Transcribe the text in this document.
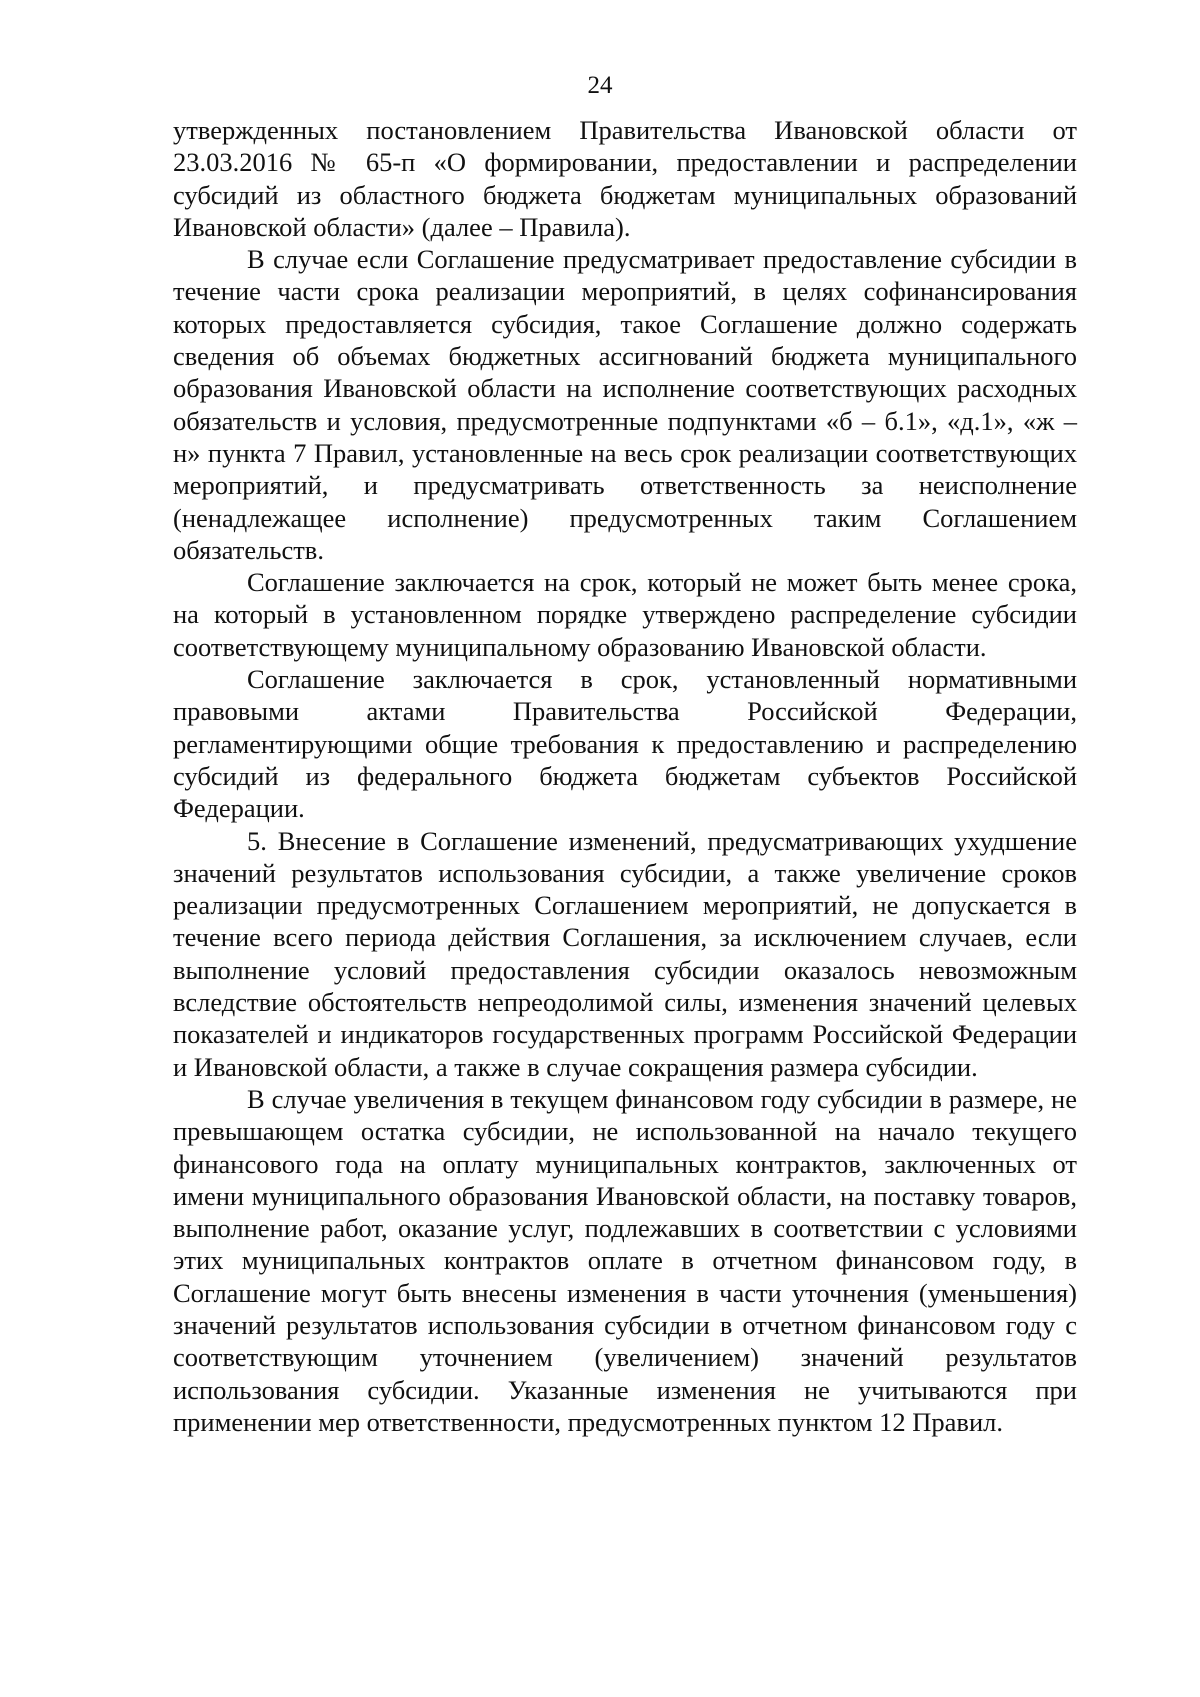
24

утвержденных постановлением Правительства Ивановской области от 23.03.2016 № 65-п «О формировании, предоставлении и распределении субсидий из областного бюджета бюджетам муниципальных образований Ивановской области» (далее – Правила).

В случае если Соглашение предусматривает предоставление субсидии в течение части срока реализации мероприятий, в целях софинансирования которых предоставляется субсидия, такое Соглашение должно содержать сведения об объемах бюджетных ассигнований бюджета муниципального образования Ивановской области на исполнение соответствующих расходных обязательств и условия, предусмотренные подпунктами «б – б.1», «д.1», «ж – н» пункта 7 Правил, установленные на весь срок реализации соответствующих мероприятий, и предусматривать ответственность за неисполнение (ненадлежащее исполнение) предусмотренных таким Соглашением обязательств.

Соглашение заключается на срок, который не может быть менее срока, на который в установленном порядке утверждено распределение субсидии соответствующему муниципальному образованию Ивановской области.

Соглашение заключается в срок, установленный нормативными правовыми актами Правительства Российской Федерации, регламентирующими общие требования к предоставлению и распределению субсидий из федерального бюджета бюджетам субъектов Российской Федерации.

5. Внесение в Соглашение изменений, предусматривающих ухудшение значений результатов использования субсидии, а также увеличение сроков реализации предусмотренных Соглашением мероприятий, не допускается в течение всего периода действия Соглашения, за исключением случаев, если выполнение условий предоставления субсидии оказалось невозможным вследствие обстоятельств непреодолимой силы, изменения значений целевых показателей и индикаторов государственных программ Российской Федерации и Ивановской области, а также в случае сокращения размера субсидии.

В случае увеличения в текущем финансовом году субсидии в размере, не превышающем остатка субсидии, не использованной на начало текущего финансового года на оплату муниципальных контрактов, заключенных от имени муниципального образования Ивановской области, на поставку товаров, выполнение работ, оказание услуг, подлежавших в соответствии с условиями этих муниципальных контрактов оплате в отчетном финансовом году, в Соглашение могут быть внесены изменения в части уточнения (уменьшения) значений результатов использования субсидии в отчетном финансовом году с соответствующим уточнением (увеличением) значений результатов использования субсидии. Указанные изменения не учитываются при применении мер ответственности, предусмотренных пунктом 12 Правил.
